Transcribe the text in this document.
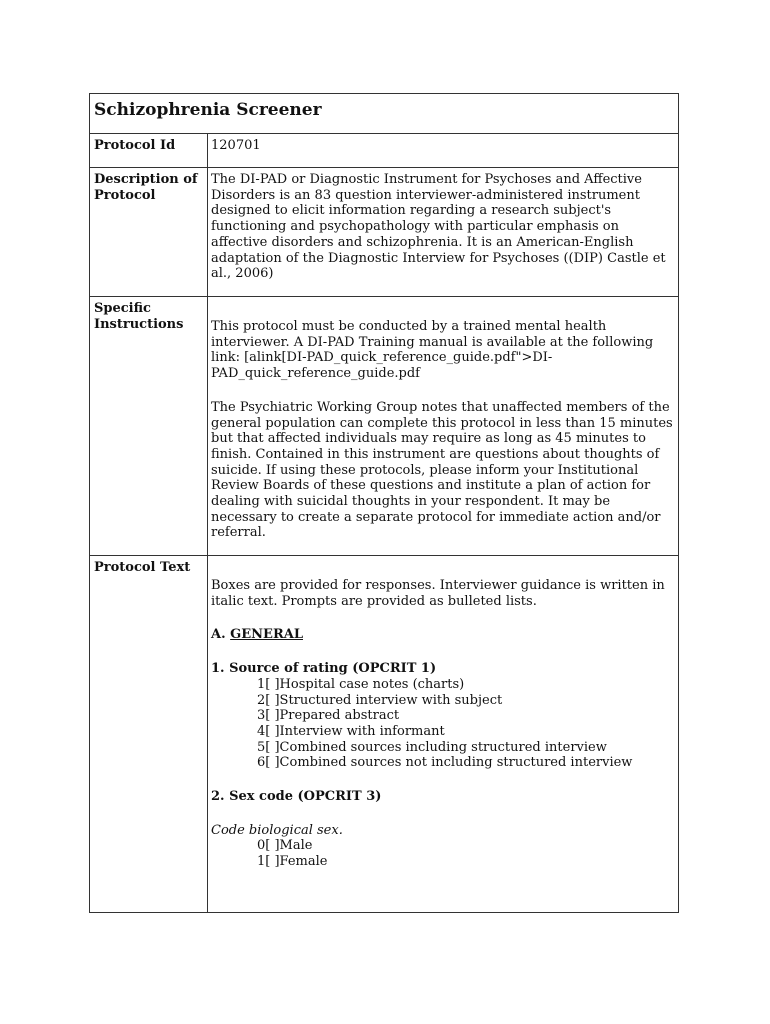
Schizophrenia Screener
Protocol Id	120701
Description of Protocol
The DI-PAD or Diagnostic Instrument for Psychoses and Affective Disorders is an 83 question interviewer-administered instrument designed to elicit information regarding a research subject's functioning and psychopathology with particular emphasis on affective disorders and schizophrenia. It is an American-English adaptation of the Diagnostic Interview for Psychoses ((DIP) Castle et al., 2006)
Specific Instructions	This protocol must be conducted by a trained mental health interviewer. A DI-PAD Training manual is available at the following link: [alink[DI-PAD_quick_reference_guide.pdf">DI-PAD_quick_reference_guide.pdf

The Psychiatric Working Group notes that unaffected members of the general population can complete this protocol in less than 15 minutes but that affected individuals may require as long as 45 minutes to finish. Contained in this instrument are questions about thoughts of suicide. If using these protocols, please inform your Institutional Review Boards of these questions and institute a plan of action for dealing with suicidal thoughts in your respondent. It may be necessary to create a separate protocol for immediate action and/or referral.

Protocol Text

Boxes are provided for responses. Interviewer guidance is written in italic text. Prompts are provided as bulleted lists.

A. GENERAL

1. Source of rating (OPCRIT 1)

1[ ]Hospital case notes (charts)
2[ ]Structured interview with subject
3[ ]Prepared abstract
4[ ]Interview with informant
5[ ]Combined sources including structured interview
6[ ]Combined sources not including structured interview

2. Sex code (OPCRIT 3)

Code biological sex.

0[ ]Male
1[ ]Female
